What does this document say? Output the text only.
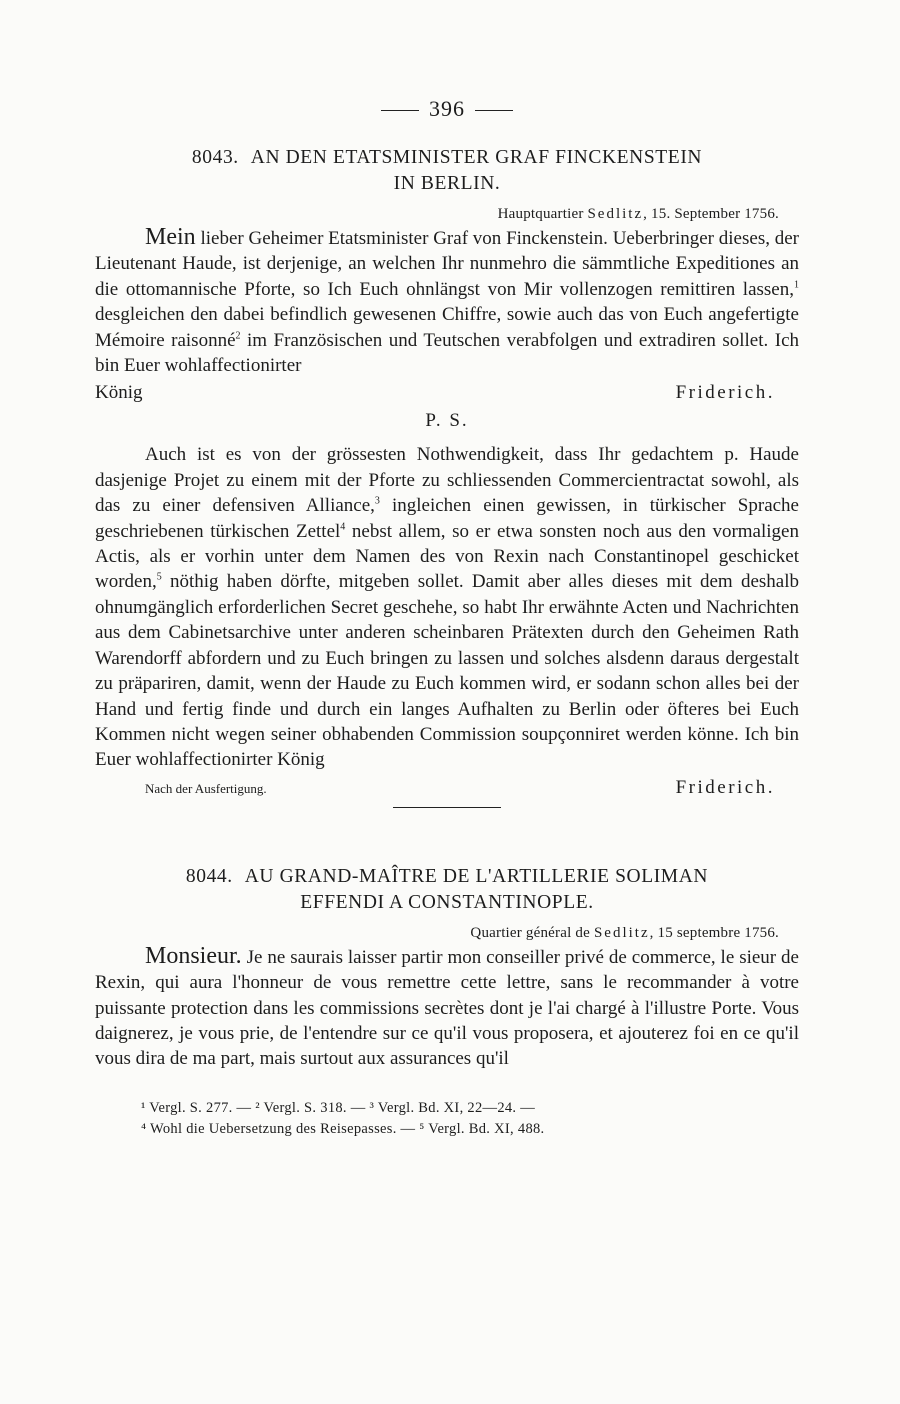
396
8043. AN DEN ETATSMINISTER GRAF FINCKENSTEIN
IN BERLIN.
Hauptquartier Sedlitz, 15. September 1756.

Mein lieber Geheimer Etatsminister Graf von Finckenstein. Ueberbringer dieses, der Lieutenant Haude, ist derjenige, an welchen Ihr nunmehro die sämmtliche Expeditiones an die ottomannische Pforte, so Ich Euch ohnlängst von Mir vollenzogen remittiren lassen,$^1$ desgleichen den dabei befindlich gewesenen Chiffre, sowie auch das von Euch angefertigte Mémoire raisonné$^2$ im Französischen und Teutschen verabfolgen und extradiren sollet. Ich bin Euer wohlaffectionirter

König	Friderich.
P. S.

Auch ist es von der grössesten Nothwendigkeit, dass Ihr gedachtem p. Haude dasjenige Projet zu einem mit der Pforte zu schliessenden Commercientractat sowohl, als das zu einer defensiven Alliance,$^3$ ingleichen einen gewissen, in türkischer Sprache geschriebenen türkischen Zettel$^4$ nebst allem, so er etwa sonsten noch aus den vormaligen Actis, als er vorhin unter dem Namen des von Rexin nach Constantinopel geschicket worden,$^5$ nöthig haben dörfte, mitgeben sollet. Damit aber alles dieses mit dem deshalb ohnumgänglich erforderlichen Secret geschehe, so habt Ihr erwähnte Acten und Nachrichten aus dem Cabinetsarchive unter anderen scheinbaren Prätexten durch den Geheimen Rath Warendorff abfordern und zu Euch bringen zu lassen und solches alsdenn daraus dergestalt zu präpariren, damit, wenn der Haude zu Euch kommen wird, er sodann schon alles bei der Hand und fertig finde und durch ein langes Aufhalten zu Berlin oder öfteres bei Euch Kommen nicht wegen seiner obhabenden Commission soupçonniret werden könne. Ich bin Euer wohlaffectionirter König

Nach der Ausfertigung.	Friderich.
8044. AU GRAND-MAÎTRE DE L'ARTILLERIE SOLIMAN
EFFENDI A CONSTANTINOPLE.
Quartier général de Sedlitz, 15 septembre 1756.

Monsieur. Je ne saurais laisser partir mon conseiller privé de commerce, le sieur de Rexin, qui aura l'honneur de vous remettre cette lettre, sans le recommander à votre puissante protection dans les commissions secrètes dont je l'ai chargé à l'illustre Porte. Vous daignerez, je vous prie, de l'entendre sur ce qu'il vous proposera, et ajouterez foi en ce qu'il vous dira de ma part, mais surtout aux assurances qu'il

¹ Vergl. S. 277. — ² Vergl. S. 318. — ³ Vergl. Bd. XI, 22—24. —
⁴ Wohl die Uebersetzung des Reisepasses. — ⁵ Vergl. Bd. XI, 488.
